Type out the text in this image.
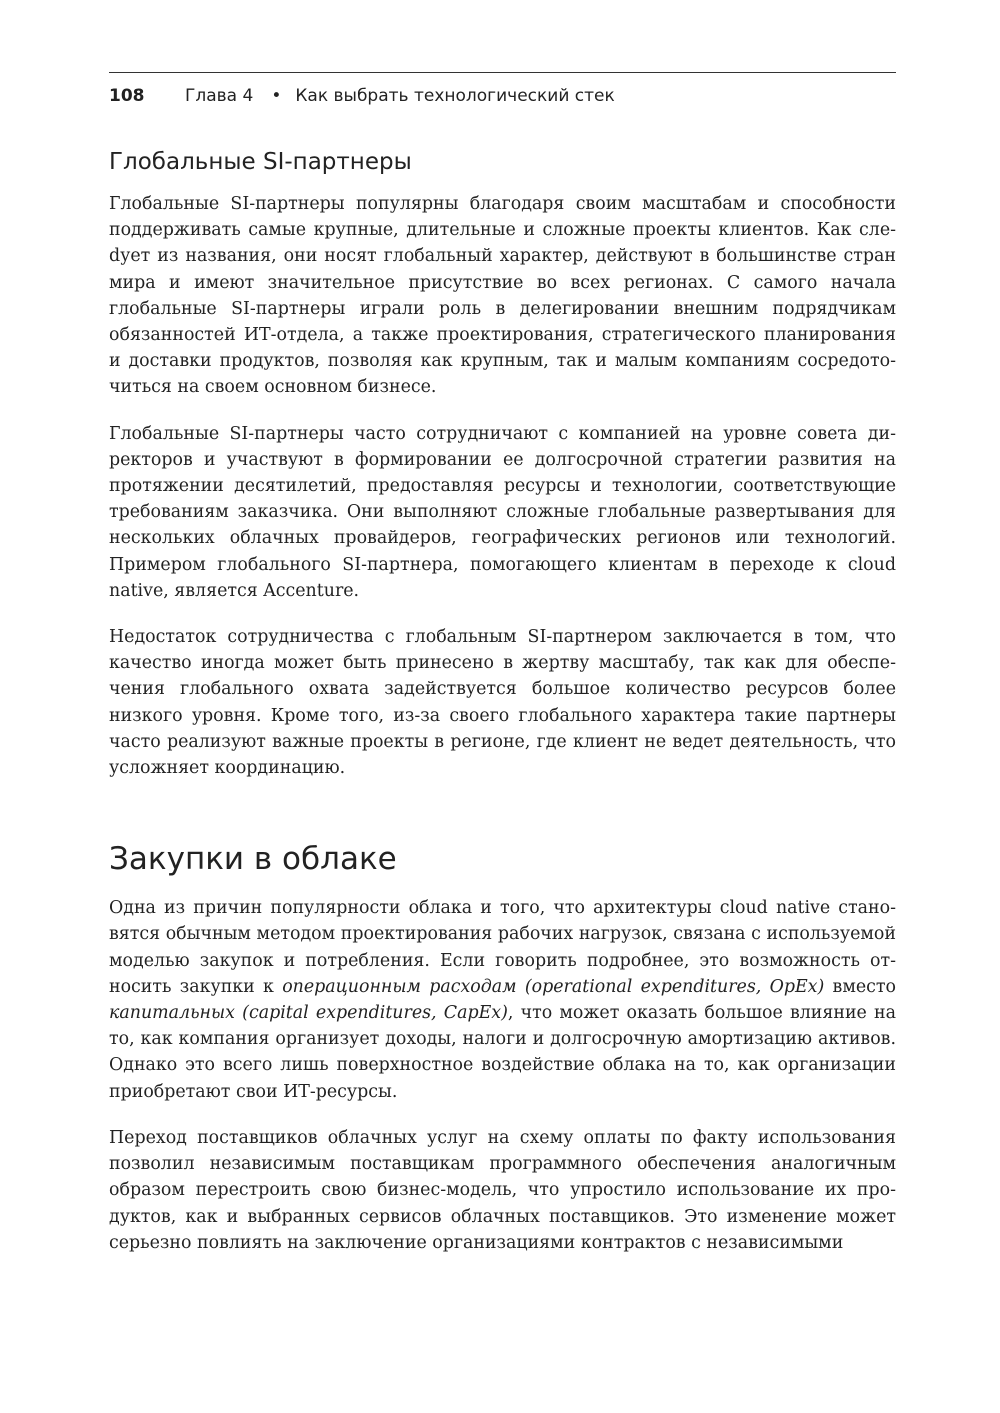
108 Глава 4 • Как выбрать технологический стек
Глобальные SI-партнеры

Глобальные SI-партнеры популярны благодаря своим масштабам и способности поддерживать самые крупные, длительные и сложные проекты клиентов. Как слеdует из названия, они носят глобальный характер, действуют в большинстве стран мира и имеют значительное присутствие во всех регионах. С самого начала глобальные SI-партнеры играли роль в делегировании внешним подрядчикам обязанностей ИТ-отдела, а также проектирования, стратегического планирования и доставки продуктов, позволяя как крупным, так и малым компаниям сосредоточиться на своем основном бизнесе.

Глобальные SI-партнеры часто сотрудничают с компанией на уровне совета директоров и участвуют в формировании ее долгосрочной стратегии развития на протяжении десятилетий, предоставляя ресурсы и технологии, соответствующие требованиям заказчика. Они выполняют сложные глобальные развертывания для нескольких облачных провайдеров, географических регионов или технологий. Примером глобального SI-партнера, помогающего клиентам в переходе к cloud native, является Accenture.

Недостаток сотрудничества с глобальным SI-партнером заключается в том, что качество иногда может быть принесено в жертву масштабу, так как для обеспечения глобального охвата задействуется большое количество ресурсов более низкого уровня. Кроме того, из-за своего глобального характера такие партнеры часто реализуют важные проекты в регионе, где клиент не ведет деятельность, что усложняет координацию.

Закупки в облаке

Одна из причин популярности облака и того, что архитектуры cloud native становятся обычным методом проектирования рабочих нагрузок, связана с используемой моделью закупок и потребления. Если говорить подробнее, это возможность относить закупки к операционным расходам (operational expenditures, OpEx) вместо капитальных (capital expenditures, CapEx), что может оказать большое влияние на то, как компания организует доходы, налоги и долгосрочную амортизацию активов. Однако это всего лишь поверхностное воздействие облака на то, как организации приобретают свои ИТ-ресурсы.

Переход поставщиков облачных услуг на схему оплаты по факту использования позволил независимым поставщикам программного обеспечения аналогичным образом перестроить свою бизнес-модель, что упростило использование их продуктов, как и выбранных сервисов облачных поставщиков. Это изменение может серьезно повлиять на заключение организациями контрактов с независимыми
